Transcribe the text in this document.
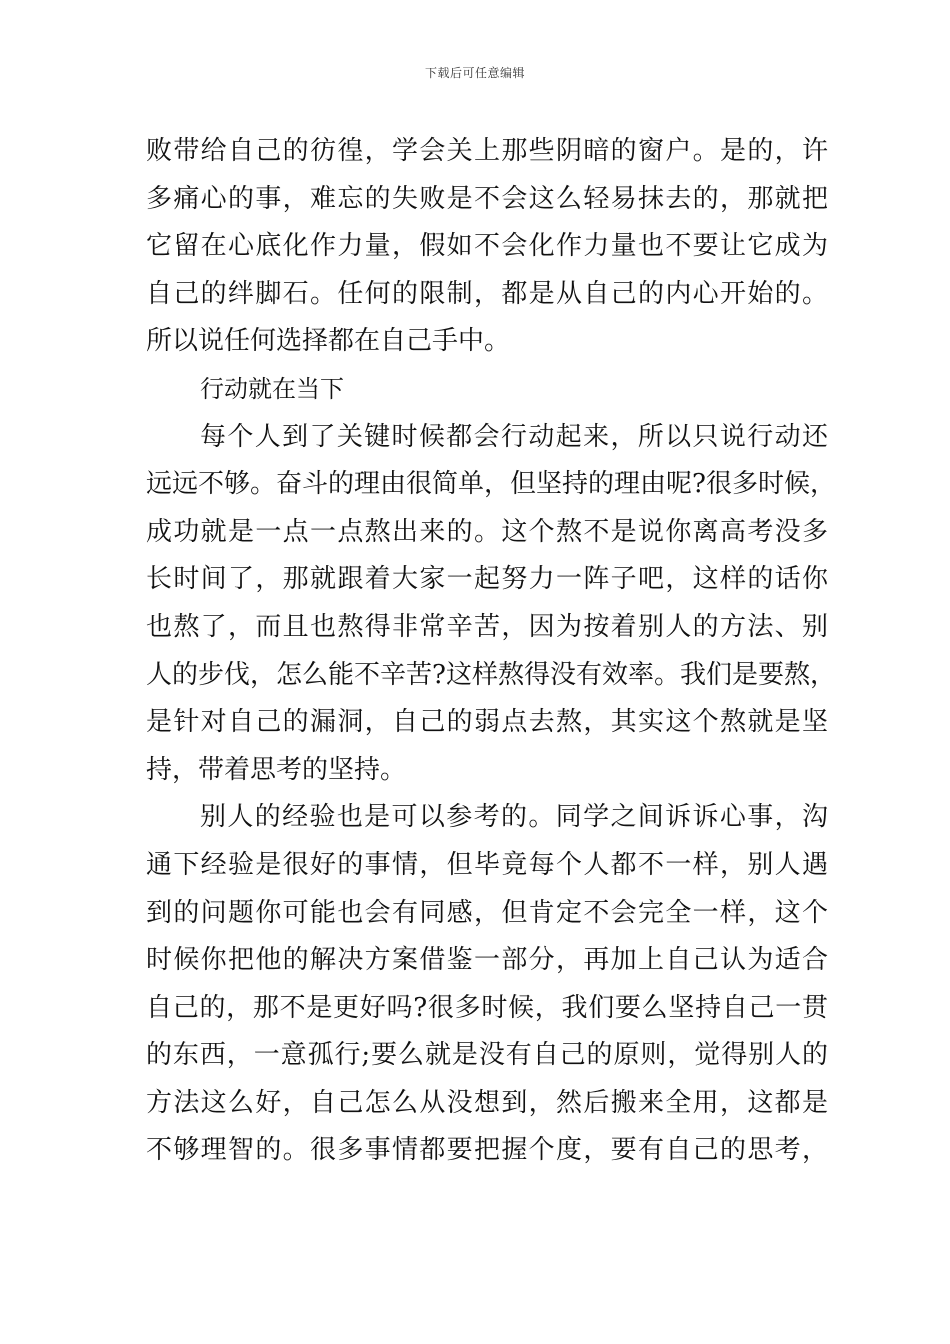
下载后可任意编辑
败带给自己的彷徨，学会关上那些阴暗的窗户。是的，许
多痛心的事，难忘的失败是不会这么轻易抹去的，那就把
它留在心底化作力量，假如不会化作力量也不要让它成为
自己的绊脚石。任何的限制，都是从自己的内心开始的。
所以说任何选择都在自己手中。
行动就在当下
每个人到了关键时候都会行动起来，所以只说行动还
远远不够。奋斗的理由很简单，但坚持的理由呢?很多时候，
成功就是一点一点熬出来的。这个熬不是说你离高考没多
长时间了，那就跟着大家一起努力一阵子吧，这样的话你
也熬了，而且也熬得非常辛苦，因为按着别人的方法、别
人的步伐，怎么能不辛苦?这样熬得没有效率。我们是要熬，
是针对自己的漏洞，自己的弱点去熬，其实这个熬就是坚
持，带着思考的坚持。
别人的经验也是可以参考的。同学之间诉诉心事，沟
通下经验是很好的事情，但毕竟每个人都不一样，别人遇
到的问题你可能也会有同感，但肯定不会完全一样，这个
时候你把他的解决方案借鉴一部分，再加上自己认为适合
自己的，那不是更好吗?很多时候，我们要么坚持自己一贯
的东西，一意孤行;要么就是没有自己的原则，觉得别人的
方法这么好，自己怎么从没想到，然后搬来全用，这都是
不够理智的。很多事情都要把握个度，要有自己的思考，
